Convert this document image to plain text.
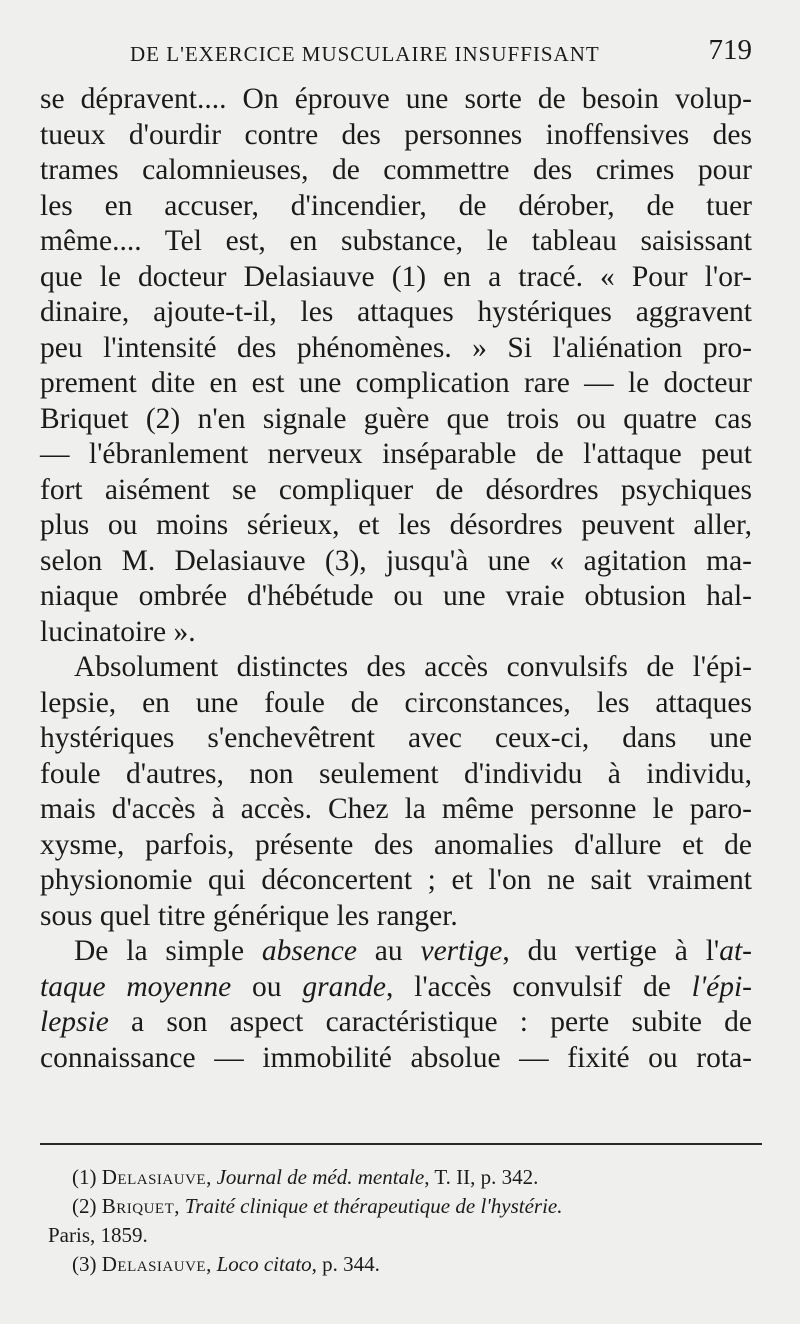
DE L'EXERCICE MUSCULAIRE INSUFFISANT	719
se dépravent.... On éprouve une sorte de besoin volup-
tueux d'ourdir contre des personnes inoffensives des
trames calomnieuses, de commettre des crimes pour
les en accuser, d'incendier, de dérober, de tuer
même.... Tel est, en substance, le tableau saisissant
que le docteur Delasiauve (1) en a tracé. « Pour l'or-
dinaire, ajoute-t-il, les attaques hystériques aggravent
peu l'intensité des phénomènes. » Si l'aliénation pro-
prement dite en est une complication rare — le docteur
Briquet (2) n'en signale guère que trois ou quatre cas
— l'ébranlement nerveux inséparable de l'attaque peut
fort aisément se compliquer de désordres psychiques
plus ou moins sérieux, et les désordres peuvent aller,
selon M. Delasiauve (3), jusqu'à une « agitation ma-
niaque ombrée d'hébétude ou une vraie obtusion hal-
lucinatoire ».
Absolument distinctes des accès convulsifs de l'épi-
lepsie, en une foule de circonstances, les attaques
hystériques s'enchevêtrent avec ceux-ci, dans une
foule d'autres, non seulement d'individu à individu,
mais d'accès à accès. Chez la même personne le paro-
xysme, parfois, présente des anomalies d'allure et de
physionomie qui déconcertent ; et l'on ne sait vraiment
sous quel titre générique les ranger.
De la simple absence au vertige, du vertige à l'at-
taque moyenne ou grande, l'accès convulsif de l'épi-
lepsie a son aspect caractéristique : perte subite de
connaissance — immobilité absolue — fixité ou rota-
(1) Delasiauve, Journal de méd. mentale, T. II, p. 342.
(2) Briquet, Traité clinique et thérapeutique de l'hystérie.
Paris, 1859.
(3) Delasiauve, Loco citato, p. 344.
